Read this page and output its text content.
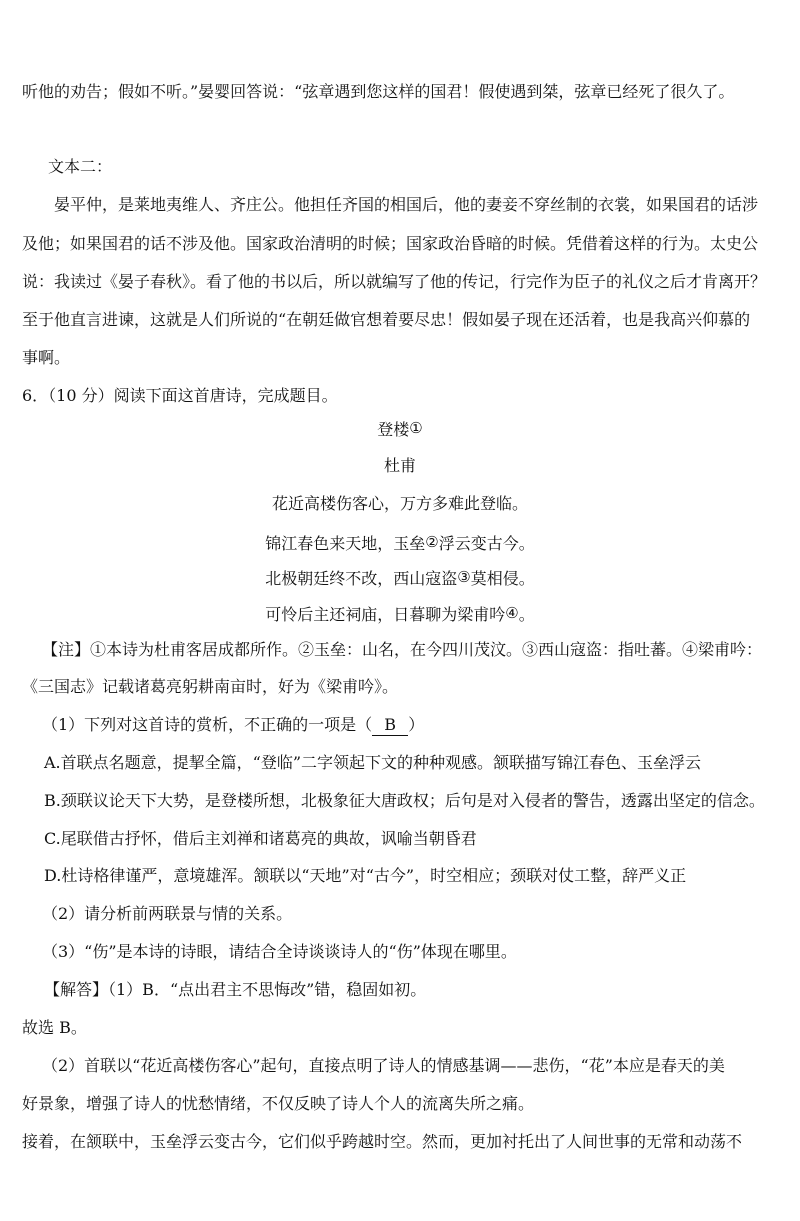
听他的劝告；假如不听。”晏婴回答说：“弦章遇到您这样的国君！假使遇到桀，弦章已经死了很久了。
文本二：
晏平仲，是莱地夷维人、齐庄公。他担任齐国的相国后，他的妻妾不穿丝制的衣裳，如果国君的话涉
及他；如果国君的话不涉及他。国家政治清明的时候；国家政治昏暗的时候。凭借着这样的行为。太史公
说：我读过《晏子春秋》。看了他的书以后，所以就编写了他的传记，行完作为臣子的礼仪之后才肯离开？
至于他直言进谏，这就是人们所说的“在朝廷做官想着要尽忠！假如晏子现在还活着，也是我高兴仰慕的
事啊。
6．（10 分）阅读下面这首唐诗，完成题目。
登楼①
杜甫
花近高楼伤客心，万方多难此登临。
锦江春色来天地，玉垒②浮云变古今。
北极朝廷终不改，西山寇盗③莫相侵。
可怜后主还祠庙，日暮聊为梁甫吟④。
【注】①本诗为杜甫客居成都所作。②玉垒：山名，在今四川茂汶。③西山寇盗：指吐蕃。④梁甫吟：
《三国志》记载诸葛亮躬耕南亩时，好为《梁甫吟》。
（1）下列对这首诗的赏析，不正确的一项是（ B ）
A.首联点名题意，提挈全篇，“登临”二字领起下文的种种观感。颔联描写锦江春色、玉垒浮云
B.颈联议论天下大势，是登楼所想，北极象征大唐政权；后句是对入侵者的警告，透露出坚定的信念。
C.尾联借古抒怀，借后主刘禅和诸葛亮的典故，讽喻当朝昏君
D.杜诗格律谨严，意境雄浑。颔联以“天地”对“古今”，时空相应；颈联对仗工整，辞严义正
（2）请分析前两联景与情的关系。
（3）“伤”是本诗的诗眼，请结合全诗谈谈诗人的“伤”体现在哪里。
【解答】（1）B．“点出君主不思悔改”错，稳固如初。
故选 B。
（2）首联以“花近高楼伤客心”起句，直接点明了诗人的情感基调——悲伤，“花”本应是春天的美
好景象，增强了诗人的忧愁情绪，不仅反映了诗人个人的流离失所之痛。
接着，在颔联中，玉垒浮云变古今，它们似乎跨越时空。然而，更加衬托出了人间世事的无常和动荡不
